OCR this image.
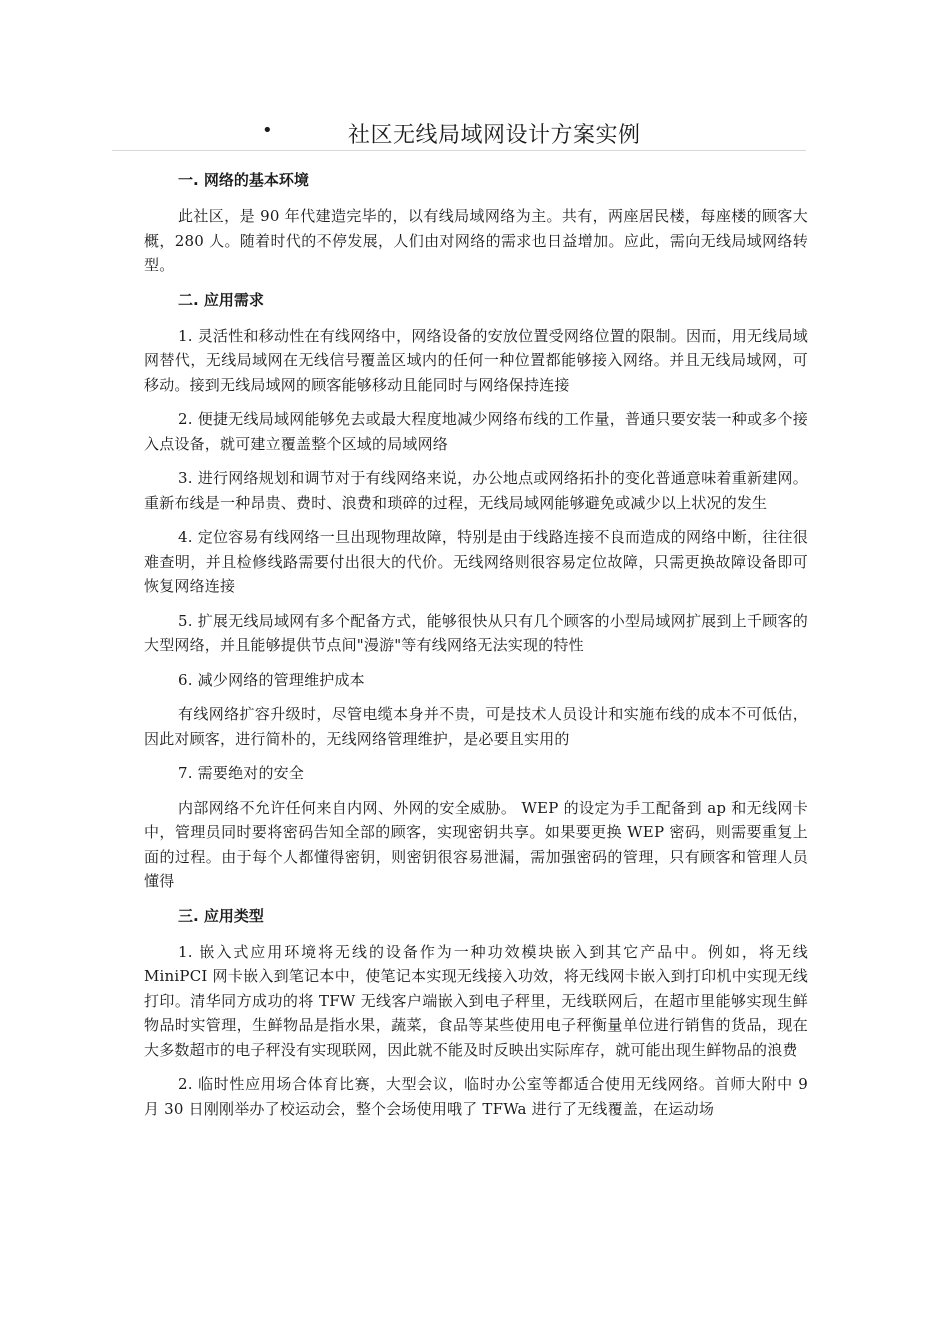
•	社区无线局域网设计方案实例
一. 网络的基本环境

此社区，是 90 年代建造完毕的，以有线局域网络为主。共有，两座居民楼，每座楼的顾客大概，280 人。随着时代的不停发展，人们由对网络的需求也日益增加。应此，需向无线局域网络转型。

二. 应用需求

1. 灵活性和移动性在有线网络中，网络设备的安放位置受网络位置的限制。因而，用无线局域网替代，无线局域网在无线信号覆盖区域内的任何一种位置都能够接入网络。并且无线局域网，可移动。接到无线局域网的顾客能够移动且能同时与网络保持连接

2. 便捷无线局域网能够免去或最大程度地减少网络布线的工作量，普通只要安装一种或多个接入点设备，就可建立覆盖整个区域的局域网络

3. 进行网络规划和调节对于有线网络来说，办公地点或网络拓扑的变化普通意味着重新建网。重新布线是一种昂贵、费时、浪费和琐碎的过程，无线局域网能够避免或减少以上状况的发生

4. 定位容易有线网络一旦出现物理故障，特别是由于线路连接不良而造成的网络中断，往往很难查明，并且检修线路需要付出很大的代价。无线网络则很容易定位故障，只需更换故障设备即可恢复网络连接

5. 扩展无线局域网有多个配备方式，能够很快从只有几个顾客的小型局域网扩展到上千顾客的大型网络，并且能够提供节点间"漫游"等有线网络无法实现的特性

6. 减少网络的管理维护成本

有线网络扩容升级时，尽管电缆本身并不贵，可是技术人员设计和实施布线的成本不可低估，因此对顾客，进行简朴的，无线网络管理维护，是必要且实用的

7. 需要绝对的安全

内部网络不允许任何来自内网、外网的安全威胁。 WEP 的设定为手工配备到 ap 和无线网卡中，管理员同时要将密码告知全部的顾客，实现密钥共享。如果要更换 WEP 密码，则需要重复上面的过程。由于每个人都懂得密钥，则密钥很容易泄漏，需加强密码的管理，只有顾客和管理人员懂得

三. 应用类型

1. 嵌入式应用环境将无线的设备作为一种功效模块嵌入到其它产品中。例如，将无线 MiniPCI 网卡嵌入到笔记本中，使笔记本实现无线接入功效，将无线网卡嵌入到打印机中实现无线打印。清华同方成功的将 TFW 无线客户端嵌入到电子秤里，无线联网后，在超市里能够实现生鲜物品时实管理，生鲜物品是指水果，蔬菜，食品等某些使用电子秤衡量单位进行销售的货品，现在大多数超市的电子秤没有实现联网，因此就不能及时反映出实际库存，就可能出现生鲜物品的浪费

2. 临时性应用场合体育比赛，大型会议，临时办公室等都适合使用无线网络。首师大附中 9 月 30 日刚刚举办了校运动会，整个会场使用哦了 TFWa 进行了无线覆盖，在运动场
